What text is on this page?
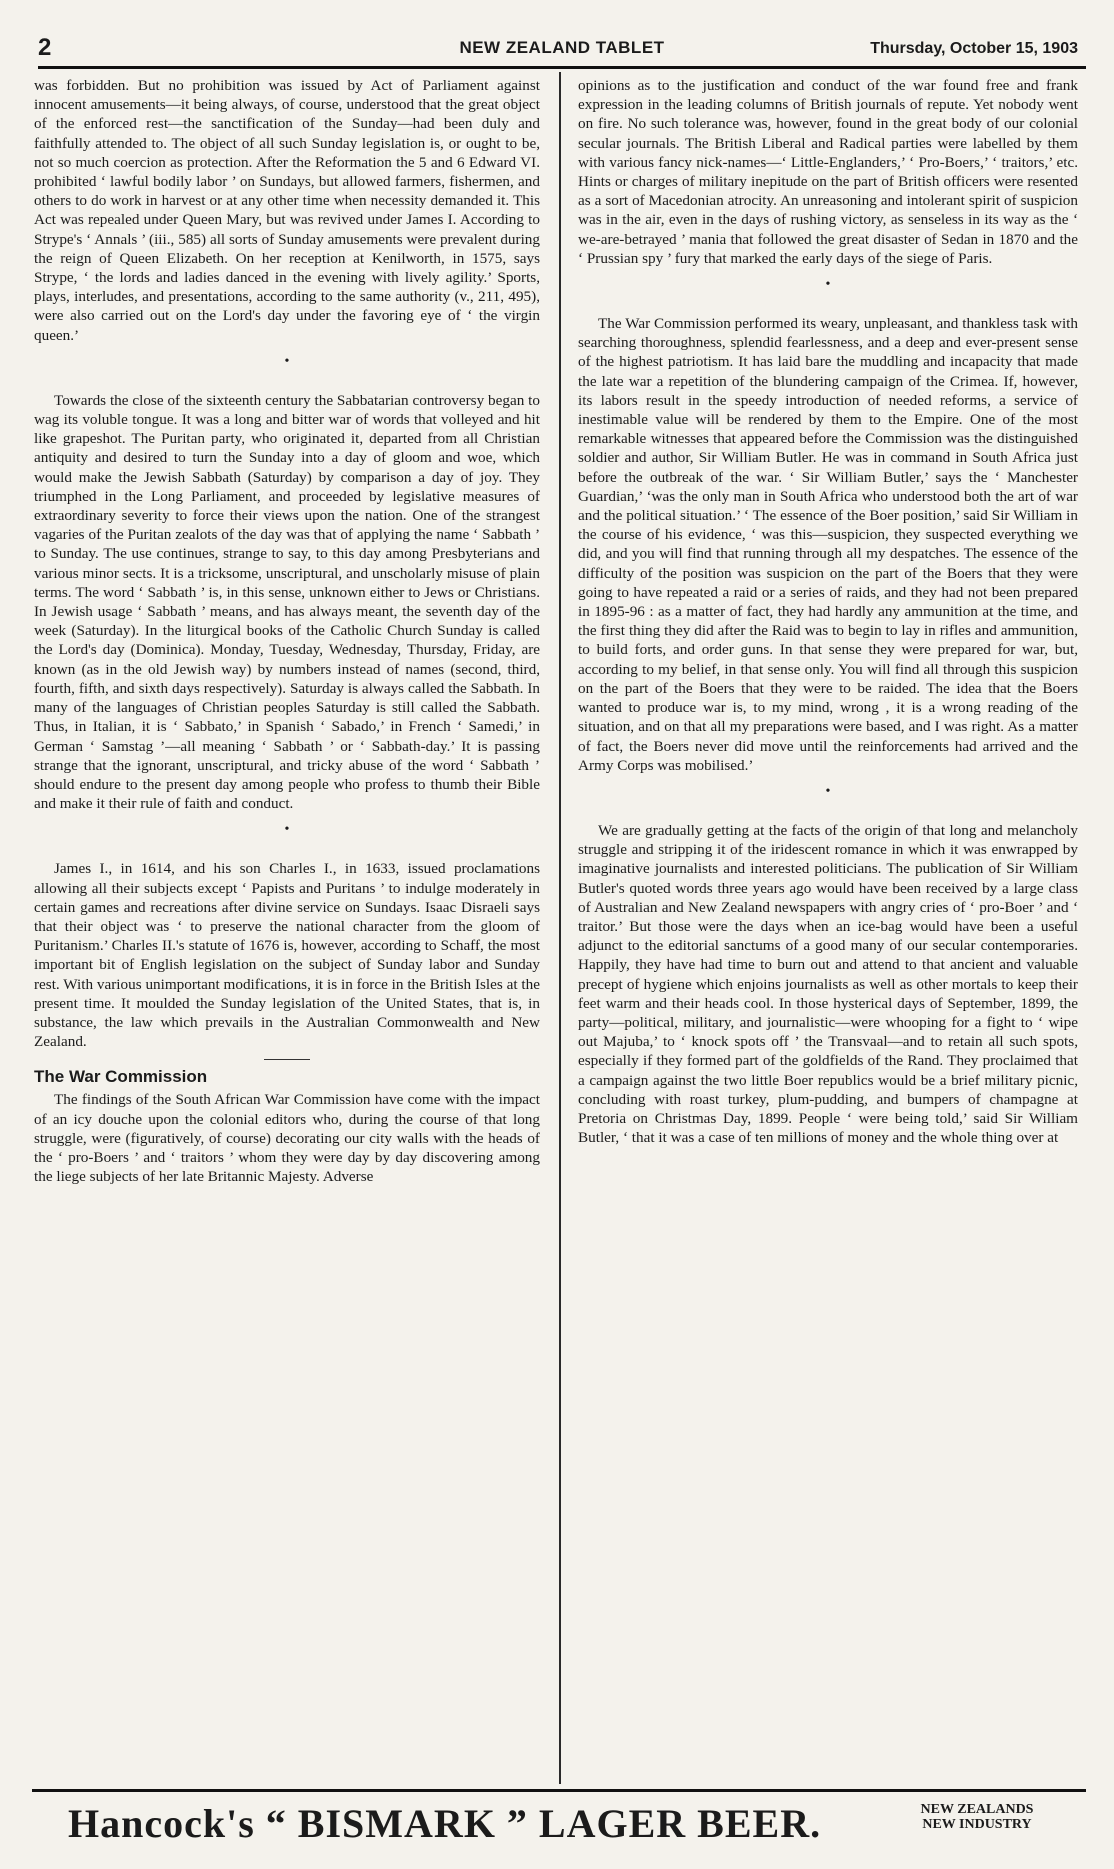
2	NEW ZEALAND TABLET	Thursday, October 15, 1903

was forbidden. But no prohibition was issued by Act of Parliament against innocent amusements—it being always, of course, understood that the great object of the enforced rest—the sanctification of the Sunday—had been duly and faithfully attended to. The object of all such Sunday legislation is, or ought to be, not so much coercion as protection. After the Reformation the 5 and 6 Edward VI. prohibited ‘ lawful bodily labor ’ on Sundays, but allowed farmers, fishermen, and others to do work in harvest or at any other time when necessity demanded it. This Act was repealed under Queen Mary, but was revived under James I. According to Strype's ‘ Annals ’ (iii., 585) all sorts of Sunday amusements were prevalent during the reign of Queen Elizabeth. On her reception at Kenilworth, in 1575, says Strype, ‘ the lords and ladies danced in the evening with lively agility.’ Sports, plays, interludes, and presentations, according to the same authority (v., 211, 495), were also carried out on the Lord's day under the favoring eye of ‘ the virgin queen.’

•

Towards the close of the sixteenth century the Sabbatarian controversy began to wag its voluble tongue. It was a long and bitter war of words that volleyed and hit like grapeshot. The Puritan party, who originated it, departed from all Christian antiquity and desired to turn the Sunday into a day of gloom and woe, which would make the Jewish Sabbath (Saturday) by comparison a day of joy. They triumphed in the Long Parliament, and proceeded by legislative measures of extraordinary severity to force their views upon the nation. One of the strangest vagaries of the Puritan zealots of the day was that of applying the name ‘ Sabbath ’ to Sunday. The use continues, strange to say, to this day among Presbyterians and various minor sects. It is a tricksome, unscriptural, and unscholarly misuse of plain terms. The word ‘ Sabbath ’ is, in this sense, unknown either to Jews or Christians. In Jewish usage ‘ Sabbath ’ means, and has always meant, the seventh day of the week (Saturday). In the liturgical books of the Catholic Church Sunday is called the Lord's day (Dominica). Monday, Tuesday, Wednesday, Thursday, Friday, are known (as in the old Jewish way) by numbers instead of names (second, third, fourth, fifth, and sixth days respectively). Saturday is always called the Sabbath. In many of the languages of Christian peoples Saturday is still called the Sabbath. Thus, in Italian, it is ‘ Sabbato,’ in Spanish ‘ Sabado,’ in French ‘ Samedi,’ in German ‘ Samstag ’—all meaning ‘ Sabbath ’ or ‘ Sabbath-day.’ It is passing strange that the ignorant, unscriptural, and tricky abuse of the word ‘ Sabbath ’ should endure to the present day among people who profess to thumb their Bible and make it their rule of faith and conduct.

•

James I., in 1614, and his son Charles I., in 1633, issued proclamations allowing all their subjects except ‘ Papists and Puritans ’ to indulge moderately in certain games and recreations after divine service on Sundays. Isaac Disraeli says that their object was ‘ to preserve the national character from the gloom of Puritanism.’ Charles II.'s statute of 1676 is, however, according to Schaff, the most important bit of English legislation on the subject of Sunday labor and Sunday rest. With various unimportant modifications, it is in force in the British Isles at the present time. It moulded the Sunday legislation of the United States, that is, in substance, the law which prevails in the Australian Commonwealth and New Zealand.

The War Commission

The findings of the South African War Commission have come with the impact of an icy douche upon the colonial editors who, during the course of that long struggle, were (figuratively, of course) decorating our city walls with the heads of the ‘ pro-Boers ’ and ‘ traitors ’ whom they were day by day discovering among the liege subjects of her late Britannic Majesty. Adverse

opinions as to the justification and conduct of the war found free and frank expression in the leading columns of British journals of repute. Yet nobody went on fire. No such tolerance was, however, found in the great body of our colonial secular journals. The British Liberal and Radical parties were labelled by them with various fancy nick-names—‘ Little-Englanders,’ ‘ Pro-Boers,’ ‘ traitors,’ etc. Hints or charges of military inepitude on the part of British officers were resented as a sort of Macedonian atrocity. An unreasoning and intolerant spirit of suspicion was in the air, even in the days of rushing victory, as senseless in its way as the ‘ we-are-betrayed ’ mania that followed the great disaster of Sedan in 1870 and the ‘ Prussian spy ’ fury that marked the early days of the siege of Paris.

•

The War Commission performed its weary, unpleasant, and thankless task with searching thoroughness, splendid fearlessness, and a deep and ever-present sense of the highest patriotism. It has laid bare the muddling and incapacity that made the late war a repetition of the blundering campaign of the Crimea. If, however, its labors result in the speedy introduction of needed reforms, a service of inestimable value will be rendered by them to the Empire. One of the most remarkable witnesses that appeared before the Commission was the distinguished soldier and author, Sir William Butler. He was in command in South Africa just before the outbreak of the war. ‘ Sir William Butler,’ says the ‘ Manchester Guardian,’ ‘was the only man in South Africa who understood both the art of war and the political situation.’ ‘ The essence of the Boer position,’ said Sir William in the course of his evidence, ‘ was this—suspicion, they suspected everything we did, and you will find that running through all my despatches. The essence of the difficulty of the position was suspicion on the part of the Boers that they were going to have repeated a raid or a series of raids, and they had not been prepared in 1895-96 : as a matter of fact, they had hardly any ammunition at the time, and the first thing they did after the Raid was to begin to lay in rifles and ammunition, to build forts, and order guns. In that sense they were prepared for war, but, according to my belief, in that sense only. You will find all through this suspicion on the part of the Boers that they were to be raided. The idea that the Boers wanted to produce war is, to my mind, wrong , it is a wrong reading of the situation, and on that all my preparations were based, and I was right. As a matter of fact, the Boers never did move until the reinforcements had arrived and the Army Corps was mobilised.’

•

We are gradually getting at the facts of the origin of that long and melancholy struggle and stripping it of the iridescent romance in which it was enwrapped by imaginative journalists and interested politicians. The publication of Sir William Butler's quoted words three years ago would have been received by a large class of Australian and New Zealand newspapers with angry cries of ‘ pro-Boer ’ and ‘ traitor.’ But those were the days when an ice-bag would have been a useful adjunct to the editorial sanctums of a good many of our secular contemporaries. Happily, they have had time to burn out and attend to that ancient and valuable precept of hygiene which enjoins journalists as well as other mortals to keep their feet warm and their heads cool. In those hysterical days of September, 1899, the party—political, military, and journalistic—were whooping for a fight to ‘ wipe out Majuba,’ to ‘ knock spots off ’ the Transvaal—and to retain all such spots, especially if they formed part of the goldfields of the Rand. They proclaimed that a campaign against the two little Boer republics would be a brief military picnic, concluding with roast turkey, plum-pudding, and bumpers of champagne at Pretoria on Christmas Day, 1899. People ‘ were being told,’ said Sir William Butler, ‘ that it was a case of ten millions of money and the whole thing over at

Hancock's “ BISMARK ” LAGER BEER.	NEW ZEALANDS
NEW INDUSTRY
